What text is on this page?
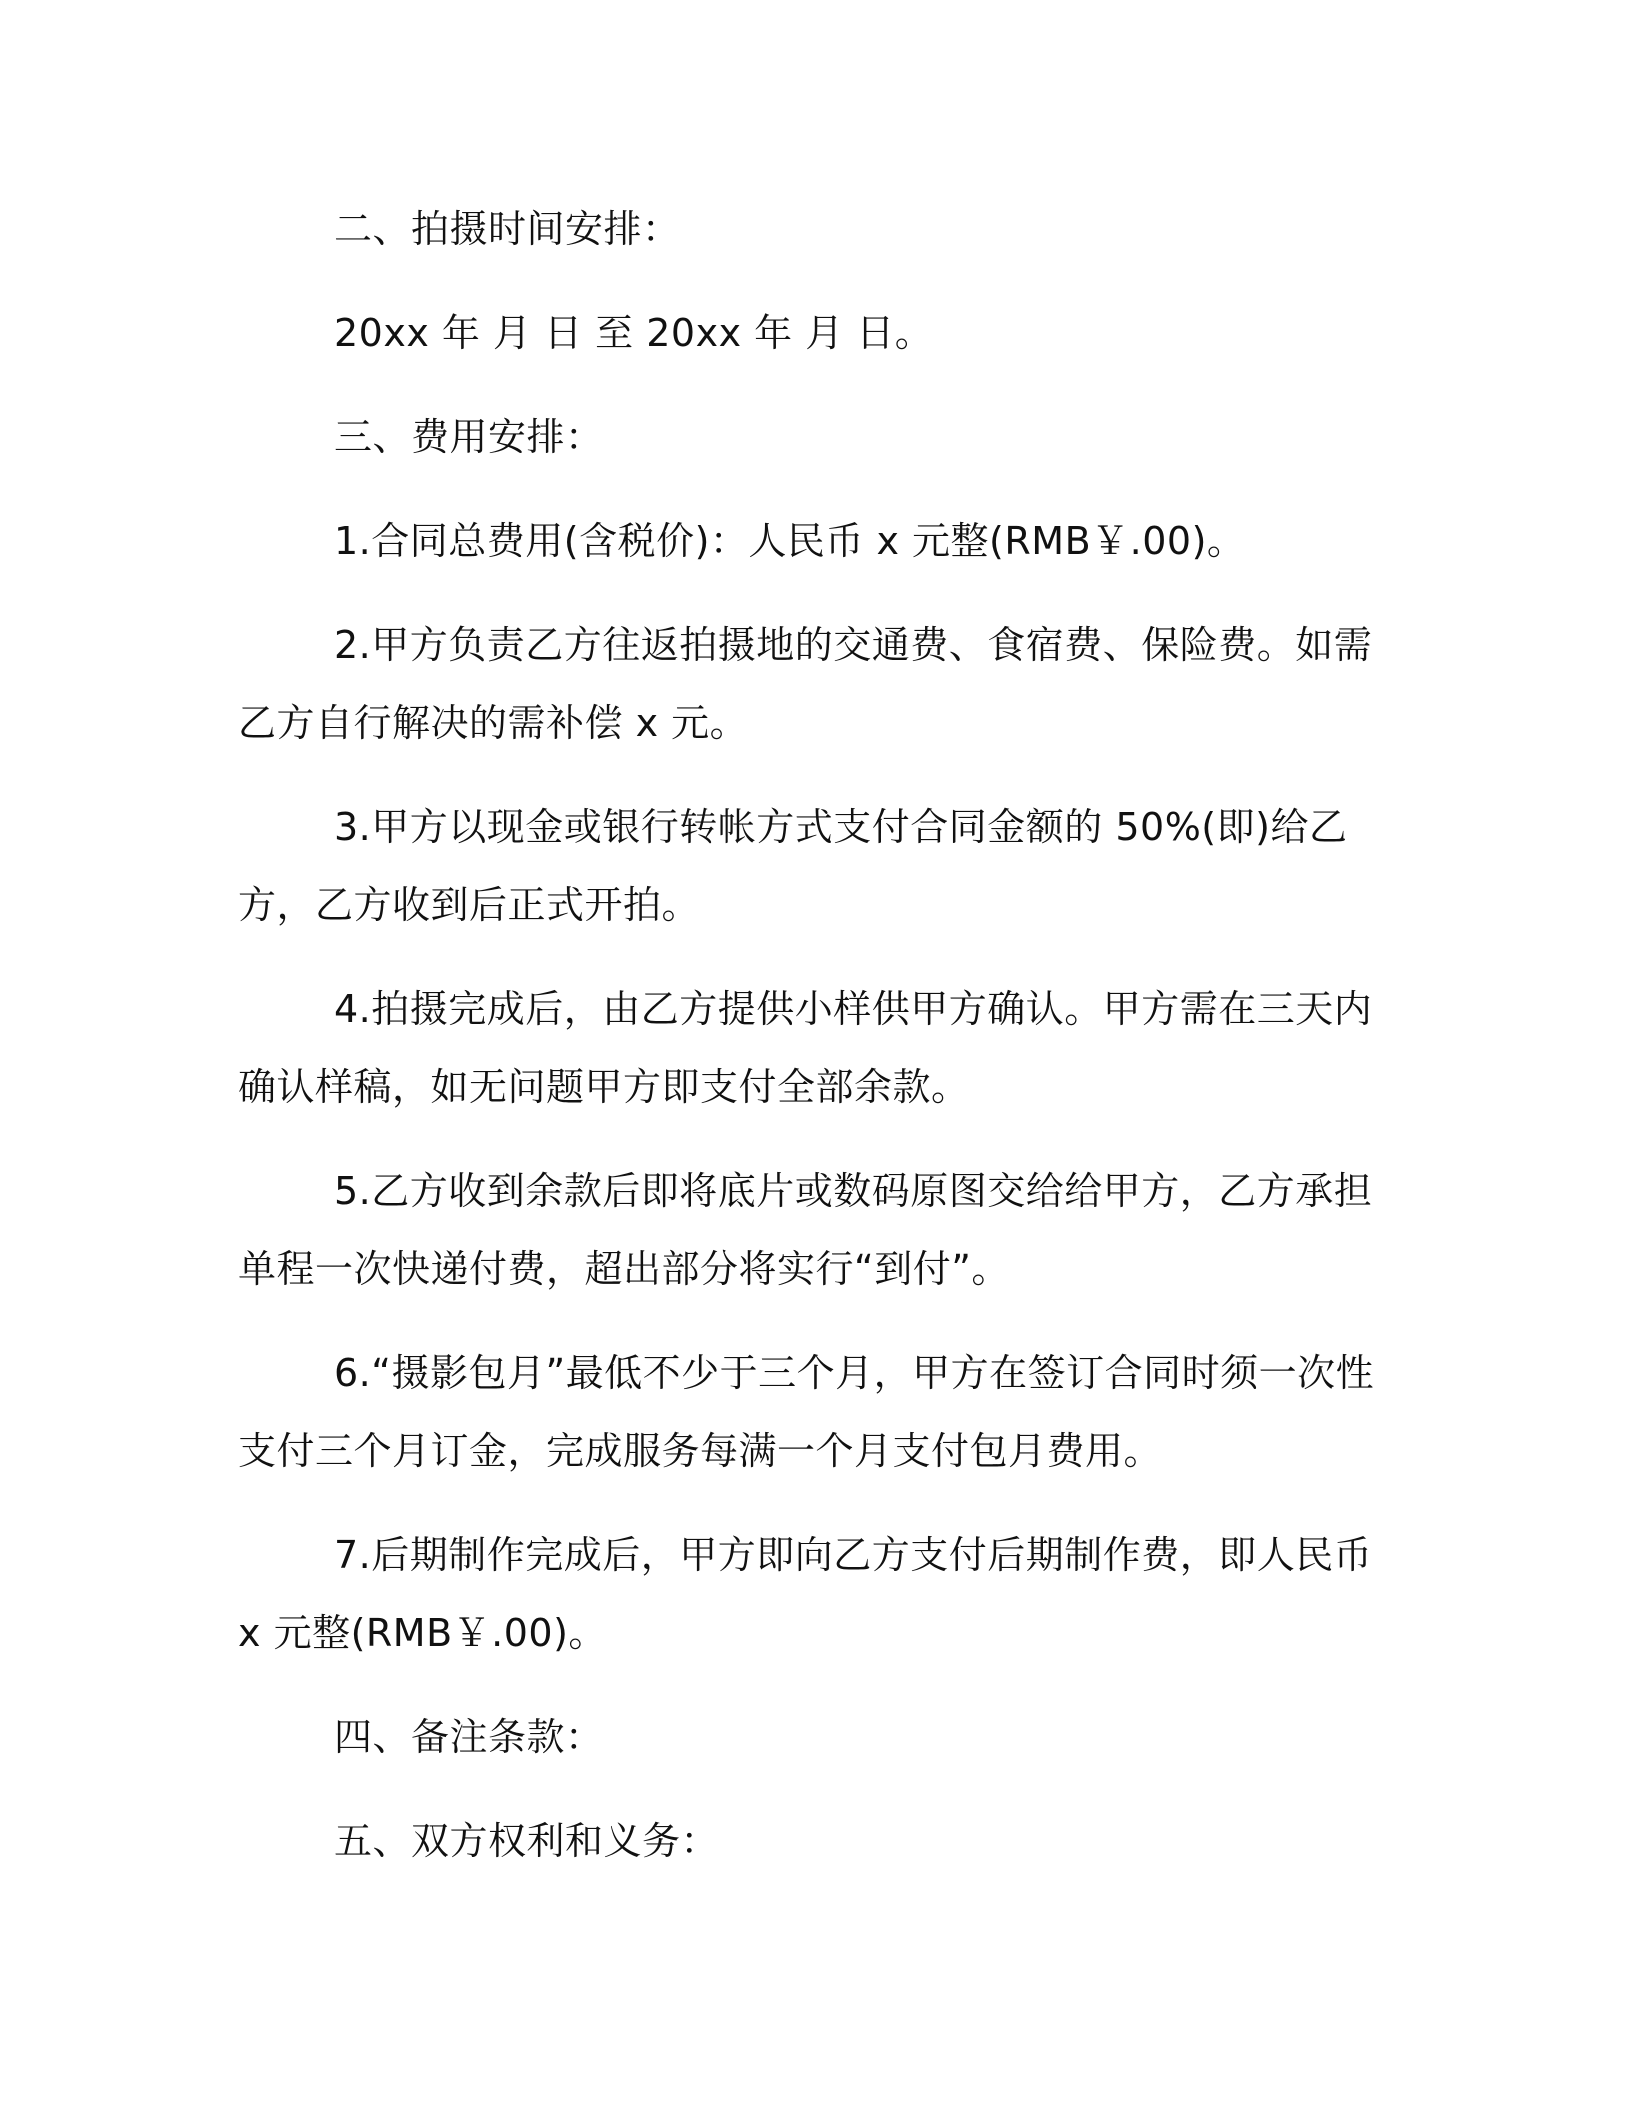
二、拍摄时间安排：

20xx 年 月 日 至 20xx 年 月 日。

三、费用安排：

1.合同总费用(含税价)：人民币 x 元整(RMB￥.00)。

2.甲方负责乙方往返拍摄地的交通费、食宿费、保险费。如需乙方自行解决的需补偿 x 元。

3.甲方以现金或银行转帐方式支付合同金额的 50%(即)给乙方，乙方收到后正式开拍。

4.拍摄完成后，由乙方提供小样供甲方确认。甲方需在三天内确认样稿，如无问题甲方即支付全部余款。

5.乙方收到余款后即将底片或数码原图交给给甲方，乙方承担单程一次快递付费，超出部分将实行“到付”。

6.“摄影包月”最低不少于三个月，甲方在签订合同时须一次性支付三个月订金，完成服务每满一个月支付包月费用。

7.后期制作完成后，甲方即向乙方支付后期制作费，即人民币 x 元整(RMB￥.00)。

四、备注条款：

五、双方权利和义务：
